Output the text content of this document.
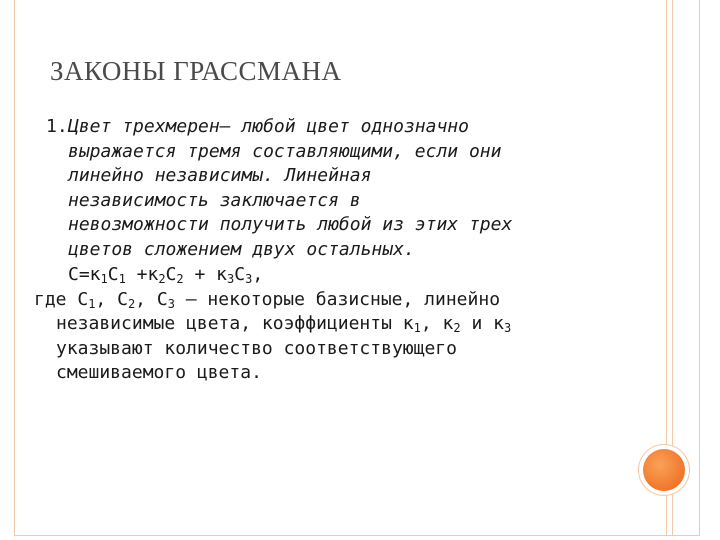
ЗАКОНЫ ГРАССМАНА
1. Цвет трехмерен— любой цвет однозначно
выражается тремя составляющими, если они
линейно независимы. Линейная
независимость заключается в
невозможности получить любой из этих трех
цветов сложением двух остальных.

$C=к_1C_1 +к_2C_2 + к_3C_3$,

где $C_1$, $C_2$, $C_3$ — некоторые базисные, линейно
независимые цвета, коэффициенты $к_1$, $к_2$ и $к_3$
указывают количество соответствующего
смешиваемого цвета.
